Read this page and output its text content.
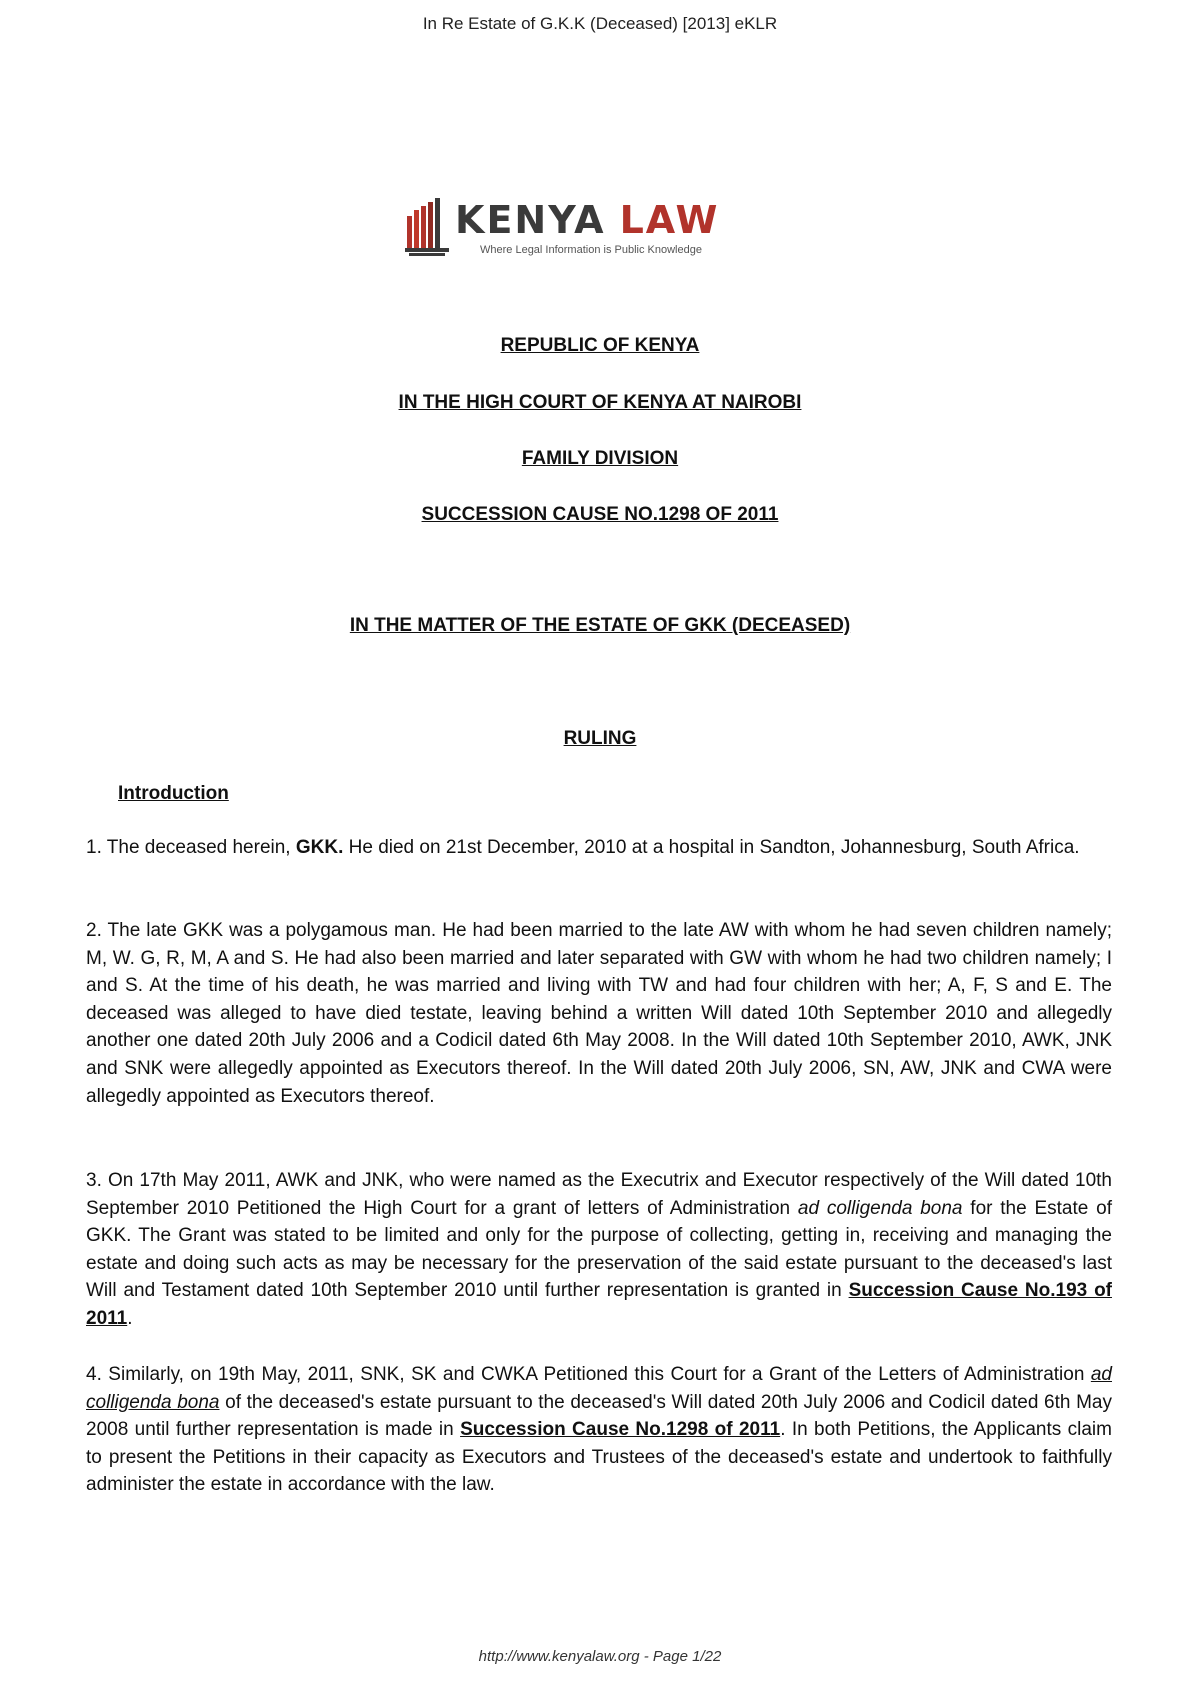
In Re Estate of G.K.K (Deceased) [2013] eKLR
KENYA LAW
Where Legal Information is Public Knowledge
REPUBLIC OF KENYA
IN THE HIGH COURT OF KENYA AT NAIROBI
FAMILY DIVISION
SUCCESSION CAUSE NO.1298 OF 2011
IN THE MATTER OF THE ESTATE OF GKK (DECEASED)
RULING
Introduction
1. The deceased herein, GKK. He died on 21st December, 2010 at a hospital in Sandton, Johannesburg, South Africa.
2. The late GKK was a polygamous man. He had been married to the late AW with whom he had seven children namely; M, W. G, R, M, A and S. He had also been married and later separated with GW with whom he had two children namely; I and S. At the time of his death, he was married and living with TW and had four children with her; A, F, S and E. The deceased was alleged to have died testate, leaving behind a written Will dated 10th September 2010 and allegedly another one dated 20th July 2006 and a Codicil dated 6th May 2008. In the Will dated 10th September 2010, AWK, JNK and SNK were allegedly appointed as Executors thereof. In the Will dated 20th July 2006, SN, AW, JNK and CWA were allegedly appointed as Executors thereof.
3. On 17th May 2011, AWK and JNK, who were named as the Executrix and Executor respectively of the Will dated 10th September 2010 Petitioned the High Court for a grant of letters of Administration ad colligenda bona for the Estate of GKK. The Grant was stated to be limited and only for the purpose of collecting, getting in, receiving and managing the estate and doing such acts as may be necessary for the preservation of the said estate pursuant to the deceased's last Will and Testament dated 10th September 2010 until further representation is granted in Succession Cause No.193 of 2011.
4. Similarly, on 19th May, 2011, SNK, SK and CWKA Petitioned this Court for a Grant of the Letters of Administration ad colligenda bona of the deceased's estate pursuant to the deceased's Will dated 20th July 2006 and Codicil dated 6th May 2008 until further representation is made in Succession Cause No.1298 of 2011. In both Petitions, the Applicants claim to present the Petitions in their capacity as Executors and Trustees of the deceased's estate and undertook to faithfully administer the estate in accordance with the law.
http://www.kenyalaw.org - Page 1/22
